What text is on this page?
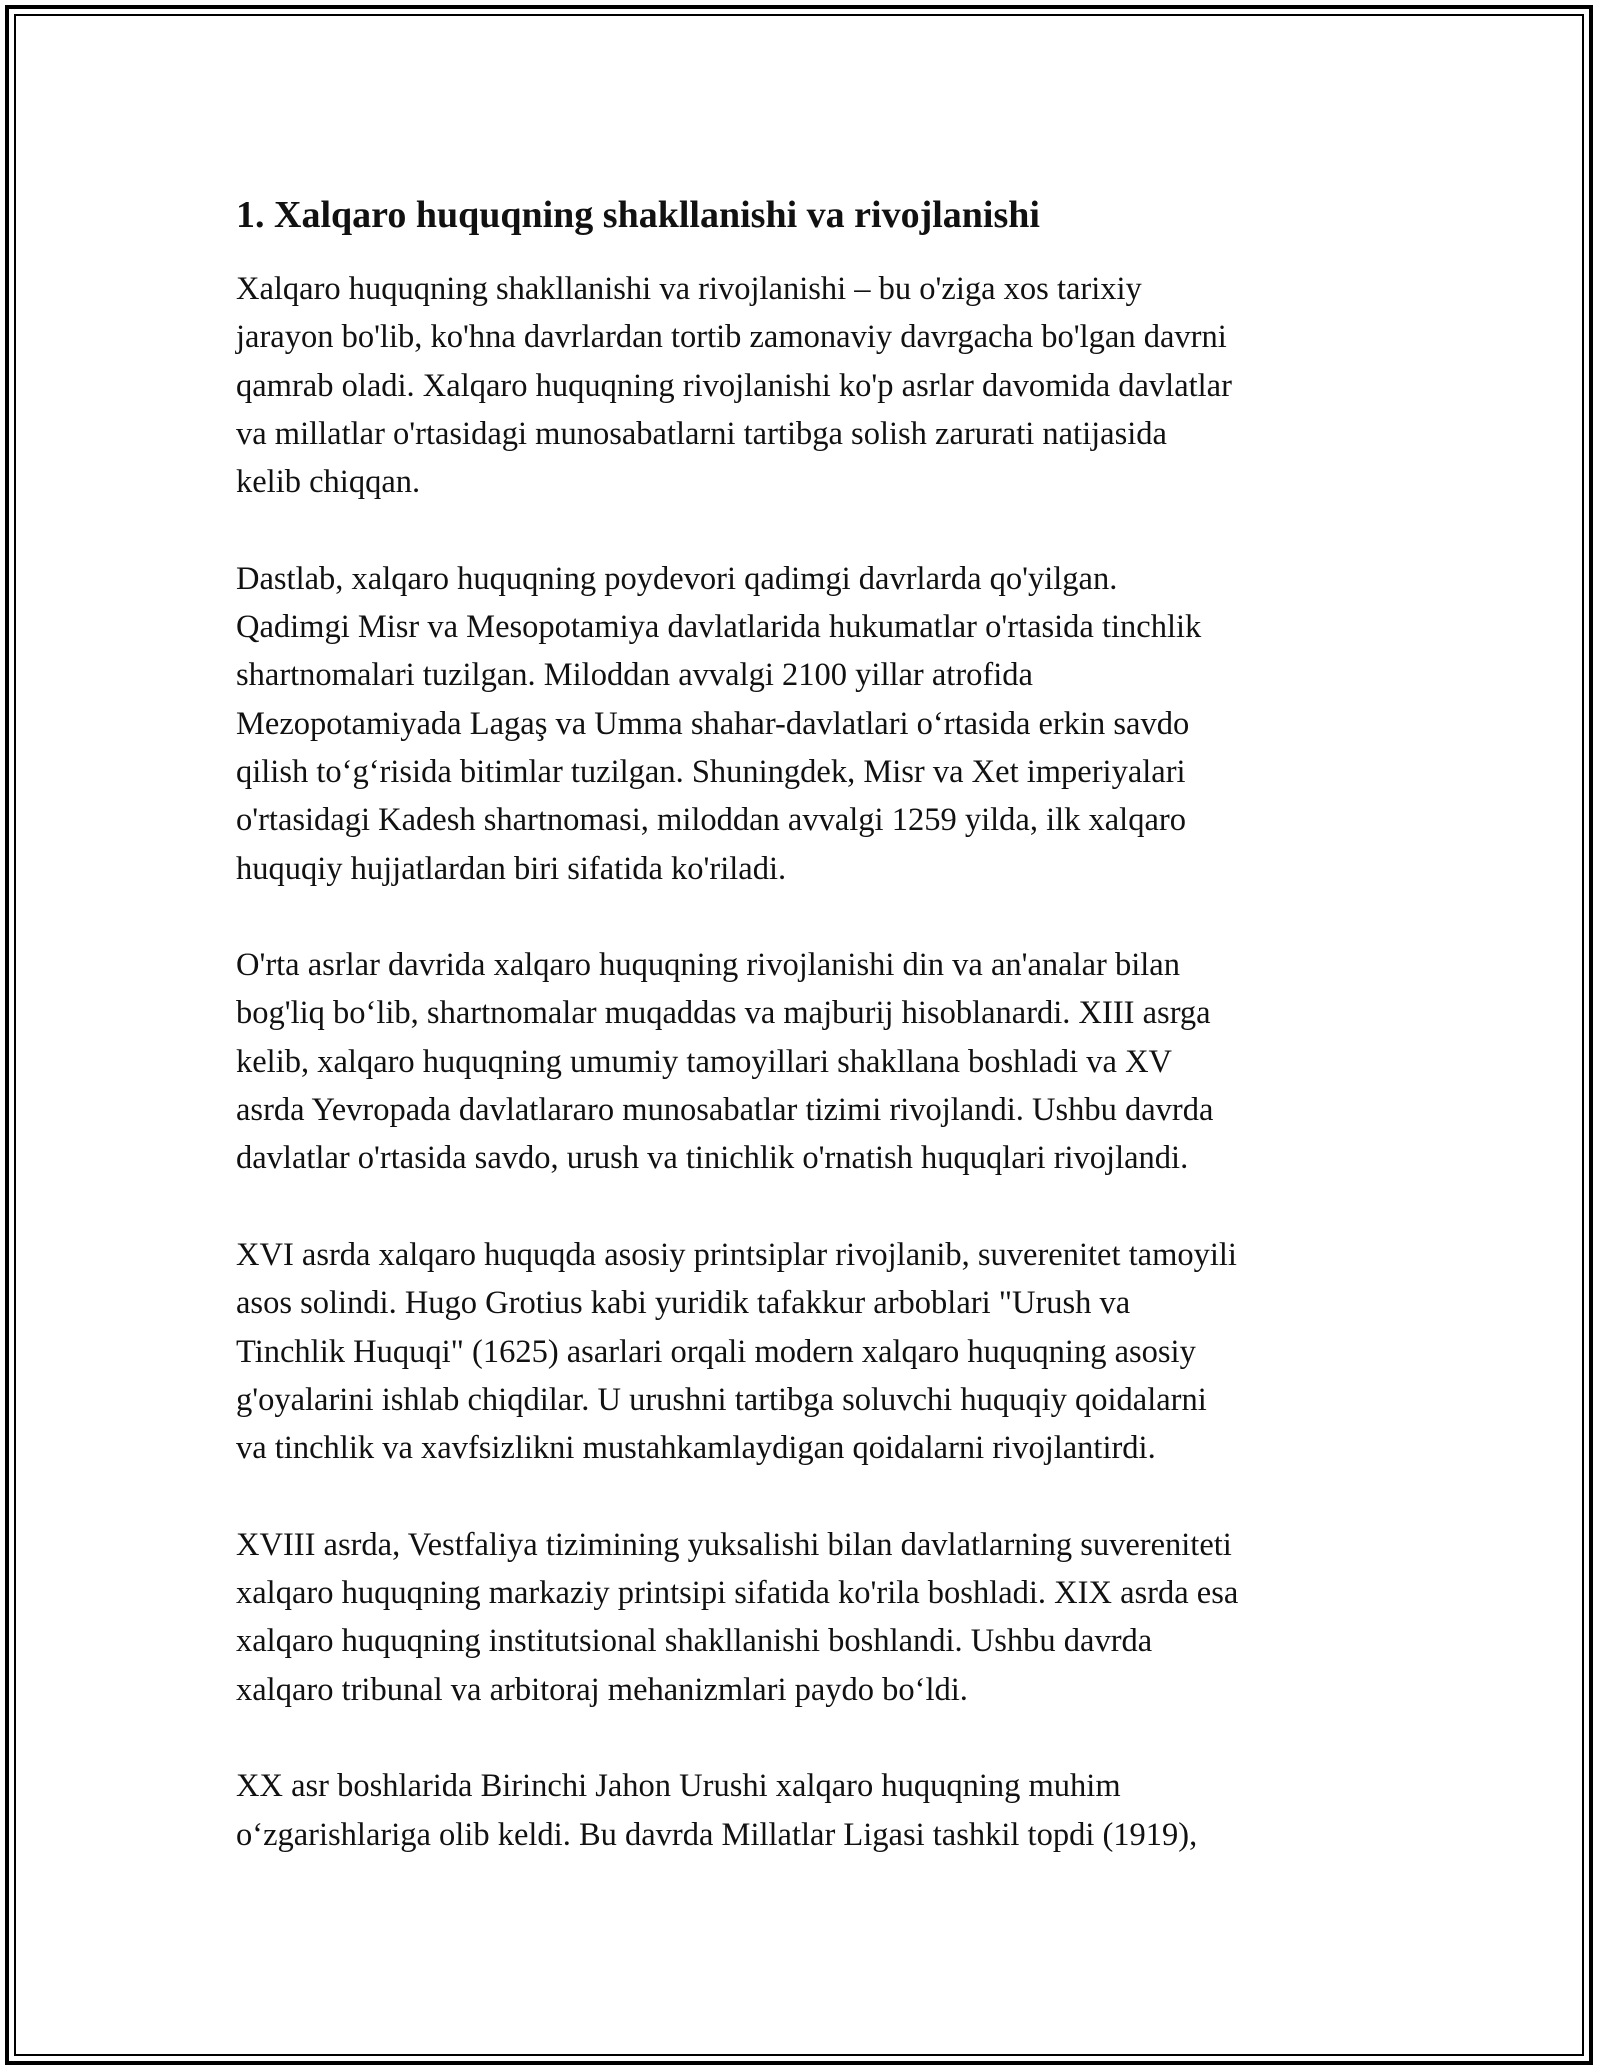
1. Xalqaro huquqning shakllanishi va rivojlanishi
Xalqaro huquqning shakllanishi va rivojlanishi – bu o'ziga xos tarixiy
jarayon bo'lib, ko'hna davrlardan tortib zamonaviy davrgacha bo'lgan davrni
qamrab oladi. Xalqaro huquqning rivojlanishi ko'p asrlar davomida davlatlar
va millatlar o'rtasidagi munosabatlarni tartibga solish zarurati natijasida
kelib chiqqan.
Dastlab, xalqaro huquqning poydevori qadimgi davrlarda qo'yilgan.
Qadimgi Misr va Mesopotamiya davlatlarida hukumatlar o'rtasida tinchlik
shartnomalari tuzilgan. Miloddan avvalgi 2100 yillar atrofida
Mezopotamiyada Lagaş va Umma shahar-davlatlari o‘rtasida erkin savdo
qilish to‘g‘risida bitimlar tuzilgan. Shuningdek, Misr va Xet imperiyalari
o'rtasidagi Kadesh shartnomasi, miloddan avvalgi 1259 yilda, ilk xalqaro
huquqiy hujjatlardan biri sifatida ko'riladi.
O'rta asrlar davrida xalqaro huquqning rivojlanishi din va an'analar bilan
bog'liq bo‘lib, shartnomalar muqaddas va majburij hisoblanardi. XIII asrga
kelib, xalqaro huquqning umumiy tamoyillari shakllana boshladi va XV
asrda Yevropada davlatlararo munosabatlar tizimi rivojlandi. Ushbu davrda
davlatlar o'rtasida savdo, urush va tinichlik o'rnatish huquqlari rivojlandi.
XVI asrda xalqaro huquqda asosiy printsiplar rivojlanib, suverenitet tamoyili
asos solindi. Hugo Grotius kabi yuridik tafakkur arboblari "Urush va
Tinchlik Huquqi" (1625) asarlari orqali modern xalqaro huquqning asosiy
g'oyalarini ishlab chiqdilar. U urushni tartibga soluvchi huquqiy qoidalarni
va tinchlik va xavfsizlikni mustahkamlaydigan qoidalarni rivojlantirdi.
XVIII asrda, Vestfaliya tizimining yuksalishi bilan davlatlarning suvereniteti
xalqaro huquqning markaziy printsipi sifatida ko'rila boshladi. XIX asrda esa
xalqaro huquqning institutsional shakllanishi boshlandi. Ushbu davrda
xalqaro tribunal va arbitoraj mehanizmlari paydo bo‘ldi.
XX asr boshlarida Birinchi Jahon Urushi xalqaro huquqning muhim
o‘zgarishlariga olib keldi. Bu davrda Millatlar Ligasi tashkil topdi (1919),
